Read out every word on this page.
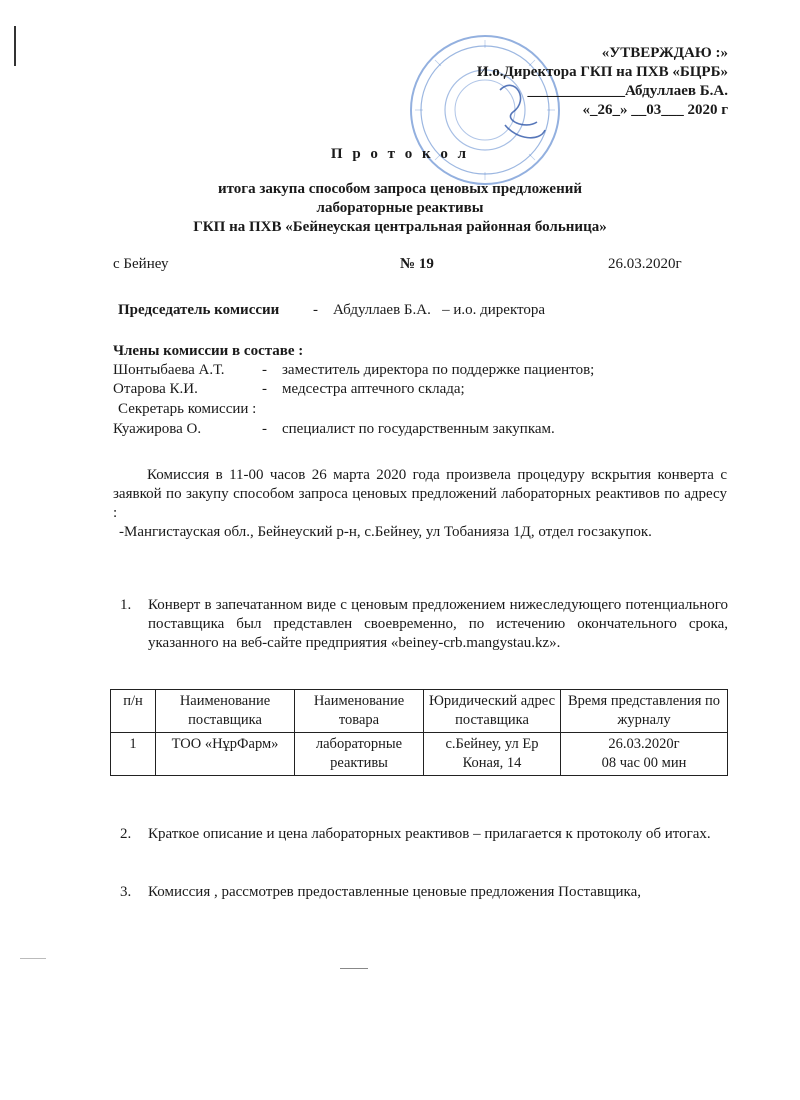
«УТВЕРЖДАЮ :»
И.о.Директора ГКП на ПХВ «БЦРБ»
_____________Абдуллаев Б.А.
«_26_» __03___ 2020 г
П р о т о к о л
итога закупа способом запроса ценовых предложений
лабораторные реактивы
ГКП на ПХВ «Бейнеуская центральная районная больница»
с Бейнеу	№ 19	26.03.2020г
Председатель комиссии -    Абдуллаев Б.А.   – и.о. директора
Члены комиссии в составе :
Шонтыбаева А.Т. -    заместитель директора по поддержке пациентов;
Отарова К.И.	-    медсестра аптечного склада;
Секретарь комиссии :
Куажирова О.	-    специалист по государственным закупкам.
Комиссия в 11-00 часов 26 марта 2020 года произвела процедуру вскрытия конверта с заявкой по закупу способом запроса ценовых предложений лабораторных реактивов по адресу :
-Мангистауская обл., Бейнеуский р-н, с.Бейнеу, ул Тобанияза 1Д, отдел госзакупок.
1. Конверт в запечатанном виде с ценовым предложением нижеследующего потенциального поставщика был представлен своевременно, по истечению окончательного срока, указанного на веб-сайте предприятия «beiney-crb.mangystau.kz».
п/н	Наименование поставщика	Наименование товара	Юридический адрес поставщика	Время представления по журналу
1	ТОО «НұрФарм»	лабораторные реактивы	с.Бейнеу, ул Ер Коная, 14	26.03.2020г
08 час 00 мин
2. Краткое описание и цена лабораторных реактивов – прилагается к протоколу об итогах.
3. Комиссия , рассмотрев предоставленные ценовые предложения Поставщика,
